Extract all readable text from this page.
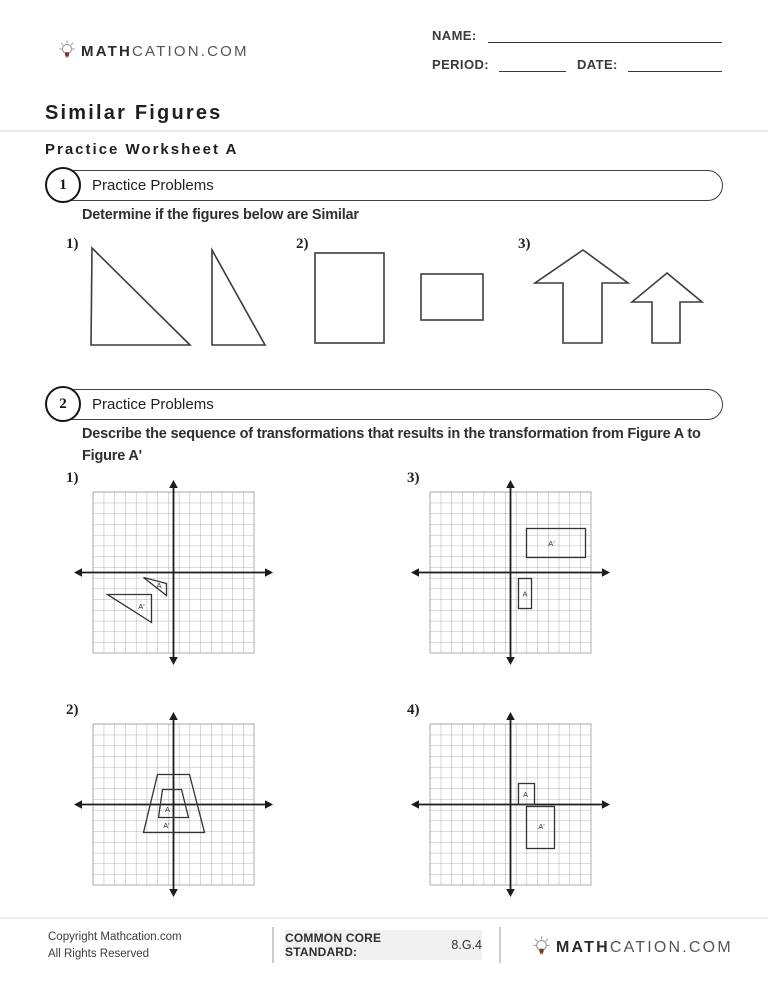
MATHCATION.COM
NAME:
PERIOD:	DATE:
Similar Figures
Practice Worksheet A
1 Practice Problems
Determine if the figures below are Similar
1)	2)	3)
2 Practice Problems
Describe the sequence of transformations that results in the transformation from Figure A to
Figure A'
1)	3)
2)	4)
A
A'
A'
A
A
A'
A
A'
Copyright Mathcation.com
All Rights Reserved
COMMON CORE STANDARD:	8.G.4	MATHCATION.COM
